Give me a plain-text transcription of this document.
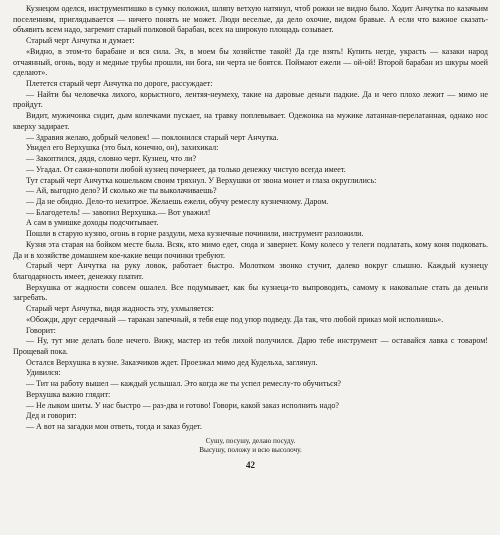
Кузнецом оделся, инструментишко в сумку положил, шляпу ветхую натянул, чтоб рожки не видно было. Ходит Анчутка по казачьим поселениям, приглядывается — ничего понять не может. Люди веселые, да дело охочие, видом бравые. А если что важное сказать-объявить всем надо, загремит старый полковой барабан, всех на широкую площадь созывает.

Старый черт Анчутка и думает:

«Видно, в этом-то барабане и вся сила. Эх, в моем бы хозяйстве такой! Да где взять! Купить негде, украсть — казаки народ отчаянный, огонь, воду и медные трубы прошли, ни бога, ни черта не боятся. Поймают ежели — ой-ой! Второй барабан из шкуры моей сделают».

Плетется старый черт Анчутка по дороге, рассуждает:

— Найти бы человечка лихого, корыстного, лентяя-неумеху, такие на даровые деньги падкие. Да и чего плохо лежит — мимо не пройдут.

Видит, мужичонка сидит, дым колечками пускает, на травку поплевывает. Одежонка на мужике латанная-перелатанная, однако нос кверху задирает.

— Здравия желаю, добрый человек! — поклонился старый черт Анчутка.

Увидел его Верхушка (это был, конечно, он), захихикал:

— Закоптился, дядя, словно черт. Кузнец, что ли?

— Угадал. От сажи-копоти любой кузнец почернеет, да только денежку чистую всегда имеет.

Тут старый черт Анчутка кошельком своим тряхнул. У Верхушки от звона монет и глаза округлились:

— Ай, выгодно дело? И сколько же ты выколачиваешь?

— Да не обидно. Дело-то нехитрое. Желаешь ежели, обучу ремеслу кузнечному. Даром.

— Благодетель! — завопил Верхушка.— Вот уважил!

А сам в умишке доходы подсчитывает.

Пошли в старую кузню, огонь в горне раздули, меха кузнечные починили, инструмент разложили.

Кузня эта старая на бойком месте была. Всяк, кто мимо едет, сюда и завернет. Кому колесо у телеги подлатать, кому коня подковать. Да и в хозяйстве домашнем кое-какие вещи починки требуют.

Старый черт Анчутка на руку ловок, работает быстро. Молотком звонко стучит, далеко вокруг слышно. Каждый кузнецу благодарность имеет, денежку платит.

Верхушка от жадности совсем ошалел. Все подумывает, как бы кузнеца-то выпроводить, самому к наковальне стать да деньги загребать.

Старый черт Анчутка, видя жадность эту, ухмыляется:

«Обожди, друг сердечный — таракан запечный, я тебя еще под упор подведу. Да так, что любой приказ мой исполнишь».

Говорит:

— Ну, тут мне делать боле нечего. Вижу, мастер из тебя лихой получился. Дарю тебе инструмент — оставайся лавка с товаром! Прощевай пока.

Остался Верхушка в кузне. Заказчиков ждет. Проезжал мимо дед Кудельха, заглянул.

Удивился:

— Тит на работу вышел — каждый услышал. Это когда же ты успел ремеслу-то обучиться?

Верхушка важно глядит:

— Не лыком шиты. У нас быстро — раз-два и готово! Говори, какой заказ исполнить надо?

Дед и говорит:

— А вот на загадки мои ответь, тогда и заказ будет.

Сушу, посушу, делаю посуду.
Высушу, положу и всю высолочу.
42
